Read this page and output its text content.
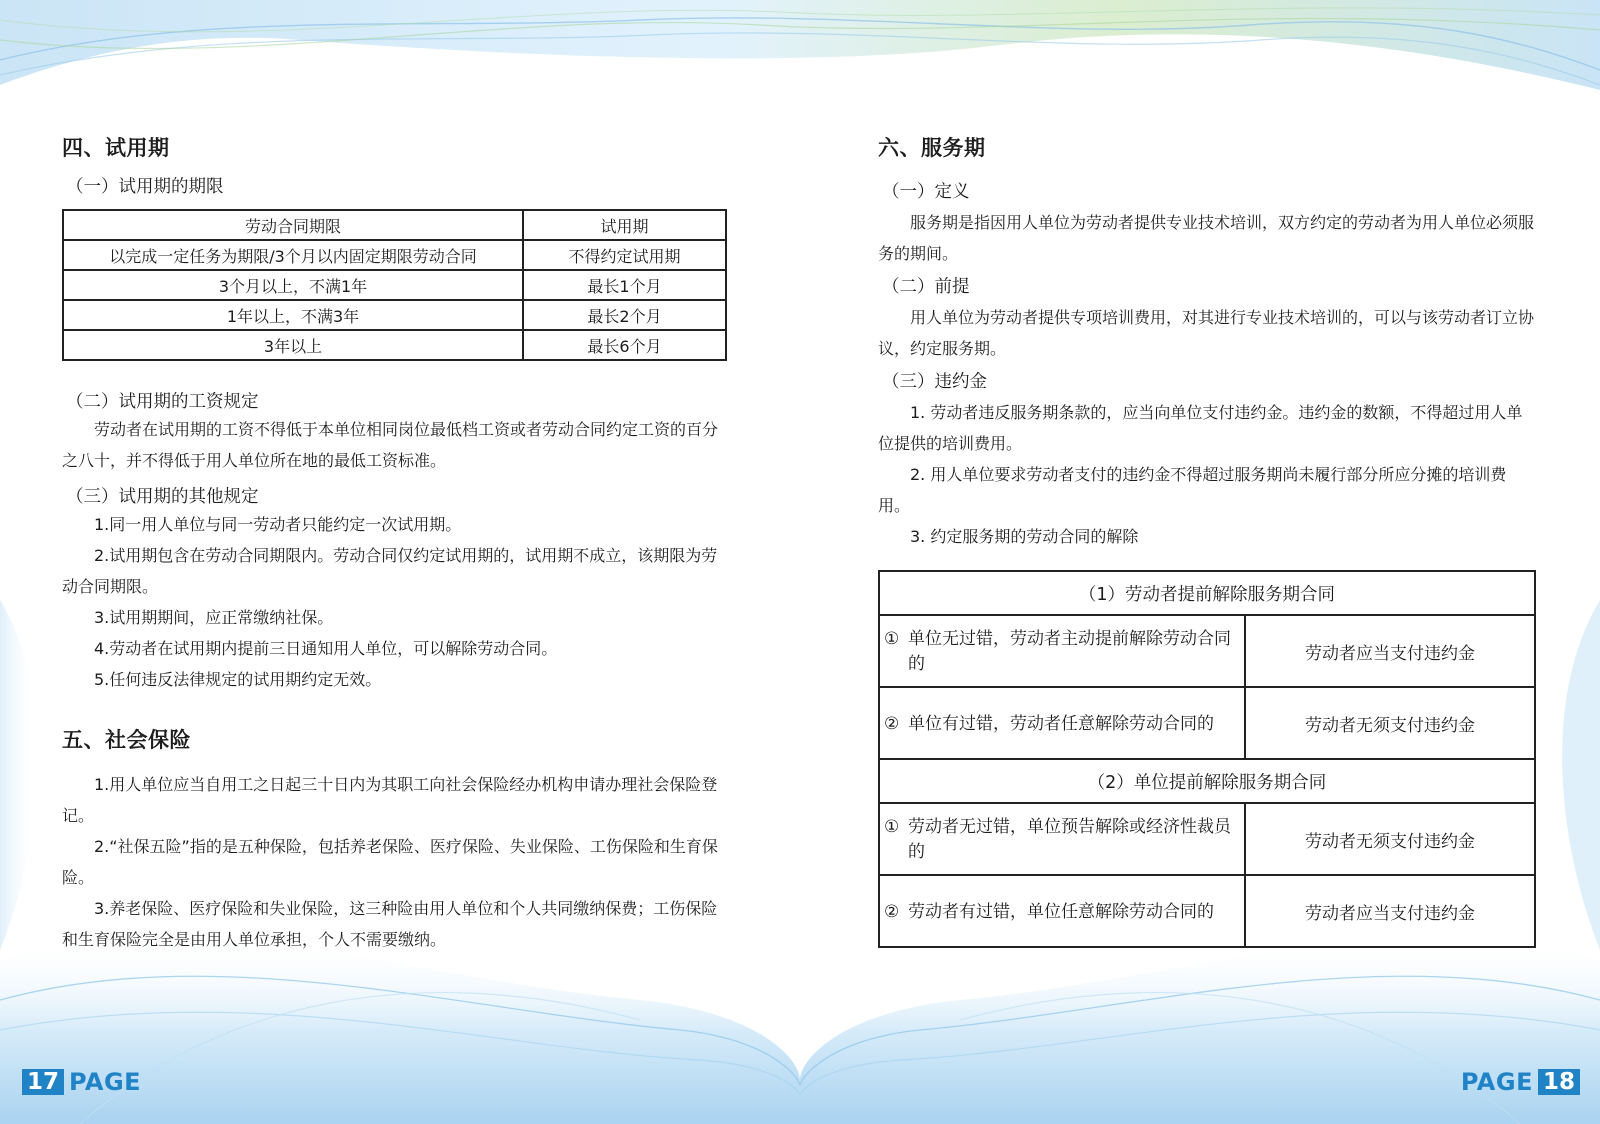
四、试用期
（一）试用期的期限
劳动合同期限	试用期
以完成一定任务为期限/3个月以内固定期限劳动合同	不得约定试用期
3个月以上，不满1年	最长1个月
1年以上，不满3年	最长2个月
3年以上	最长6个月
（二）试用期的工资规定

劳动者在试用期的工资不得低于本单位相同岗位最低档工资或者劳动合同约定工资的百分之八十，并不得低于用人单位所在地的最低工资标准。

（三）试用期的其他规定
1.同一用人单位与同一劳动者只能约定一次试用期。

2.试用期包含在劳动合同期限内。劳动合同仅约定试用期的，试用期不成立，该期限为劳动合同期限。

3.试用期期间，应正常缴纳社保。
4.劳动者在试用期内提前三日通知用人单位，可以解除劳动合同。
5.任何违反法律规定的试用期约定无效。
五、社会保险

1.用人单位应当自用工之日起三十日内为其职工向社会保险经办机构申请办理社会保险登记。

2.“社保五险”指的是五种保险，包括养老保险、医疗保险、失业保险、工伤保险和生育保险。

3.养老保险、医疗保险和失业保险，这三种险由用人单位和个人共同缴纳保费；工伤保险和生育保险完全是由用人单位承担，个人不需要缴纳。

六、服务期
（一）定义

服务期是指因用人单位为劳动者提供专业技术培训，双方约定的劳动者为用人单位必须服务的期间。

（二）前提

用人单位为劳动者提供专项培训费用，对其进行专业技术培训的，可以与该劳动者订立协议，约定服务期。

（三）违约金

1. 劳动者违反服务期条款的，应当向单位支付违约金。违约金的数额，不得超过用人单位提供的培训费用。

2. 用人单位要求劳动者支付的违约金不得超过服务期尚未履行部分所应分摊的培训费用。

3. 约定服务期的劳动合同的解除
（1）劳动者提前解除服务期合同	
① 单位无过错，劳动者主动提前解除劳动合同的	劳动者应当支付违约金
② 单位有过错，劳动者任意解除劳动合同的	劳动者无须支付违约金
（2）单位提前解除服务期合同	
① 劳动者无过错，单位预告解除或经济性裁员的	劳动者无须支付违约金
② 劳动者有过错，单位任意解除劳动合同的	劳动者应当支付违约金
17 PAGE	PAGE 18
